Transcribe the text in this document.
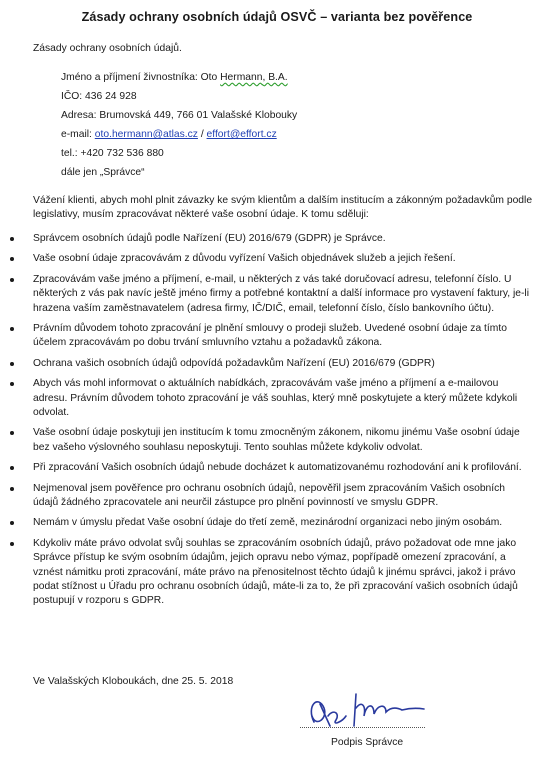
Zásady ochrany osobních údajů OSVČ – varianta bez pověřence
Zásady ochrany osobních údajů.
Jméno a příjmení živnostníka: Oto Hermann, B.A.
IČO: 436 24 928
Adresa: Brumovská 449, 766 01 Valašské Klobouky
e-mail: oto.hermann@atlas.cz / effort@effort.cz
tel.: +420 732 536 880
dále jen „Správce“
Vážení klienti, abych mohl plnit závazky ke svým klientům a dalším institucím a zákonným požadavkům podle legislativy, musím zpracovávat některé vaše osobní údaje. K tomu sděluji:
Správcem osobních údajů podle Nařízení (EU) 2016/679 (GDPR) je Správce.
Vaše osobní údaje zpracovávám z důvodu vyřízení Vašich objednávek služeb a jejich řešení.
Zpracovávám vaše jméno a příjmení, e-mail, u některých z vás také doručovací adresu, telefonní číslo. U některých z vás pak navíc ještě jméno firmy a potřebné kontaktní a další informace pro vystavení faktury, je-li hrazena vaším zaměstnavatelem (adresa firmy, IČ/DIČ, email, telefonní číslo, číslo bankovního účtu).
Právním důvodem tohoto zpracování je plnění smlouvy o prodeji služeb. Uvedené osobní údaje za tímto účelem zpracovávám po dobu trvání smluvního vztahu a požadavků zákona.
Ochrana vašich osobních údajů odpovídá požadavkům Nařízení (EU) 2016/679 (GDPR)
Abych vás mohl informovat o aktuálních nabídkách, zpracovávám vaše jméno a příjmení a e-mailovou adresu. Právním důvodem tohoto zpracování je váš souhlas, který mně poskytujete a který můžete kdykoli odvolat.
Vaše osobní údaje poskytuji jen institucím k tomu zmocněným zákonem, nikomu jinému Vaše osobní údaje bez vašeho výslovného souhlasu neposkytuji. Tento souhlas můžete kdykoliv odvolat.
Při zpracování Vašich osobních údajů nebude docházet k automatizovanému rozhodování ani k profilování.
Nejmenoval jsem pověřence pro ochranu osobních údajů, nepověřil jsem zpracováním Vašich osobních údajů žádného zpracovatele ani neurčil zástupce pro plnění povinností ve smyslu GDPR.
Nemám v úmyslu předat Vaše osobní údaje do třetí země, mezinárodní organizaci nebo jiným osobám.
Kdykoliv máte právo odvolat svůj souhlas se zpracováním osobních údajů, právo požadovat ode mne jako Správce přístup ke svým osobním údajům, jejich opravu nebo výmaz, popřípadě omezení zpracování, a vznést námitku proti zpracování, máte právo na přenositelnost těchto údajů k jinému správci, jakož i právo podat stížnost u Úřadu pro ochranu osobních údajů, máte-li za to, že při zpracování vašich osobních údajů postupují v rozporu s GDPR.
Ve Valašských Kloboukách, dne 25. 5. 2018
Podpis Správce
